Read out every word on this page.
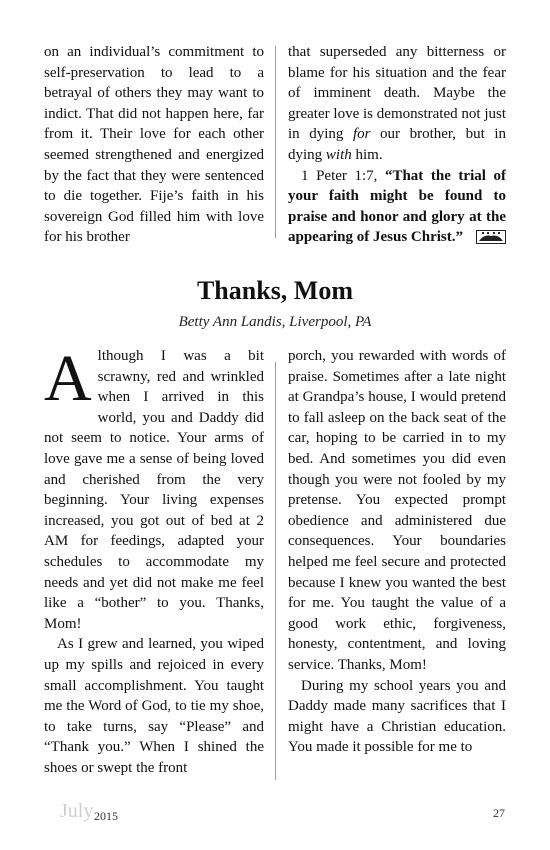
on an individual’s commitment to self-preservation to lead to a betrayal of others they may want to indict. That did not happen here, far from it. Their love for each other seemed strengthened and energized by the fact that they were sentenced to die together. Fije’s faith in his sovereign God filled him with love for his brother

that superseded any bitterness or blame for his situation and the fear of imminent death. Maybe the greater love is demonstrated not just in dying for our brother, but in dying with him.

1 Peter 1:7, “That the trial of your faith might be found to praise and honor and glory at the appearing of Jesus Christ.”

Thanks, Mom
Betty Ann Landis, Liverpool, PA

Although I was a bit scrawny, red and wrinkled when I arrived in this world, you and Daddy did not seem to notice. Your arms of love gave me a sense of being loved and cherished from the very beginning. Your living expenses increased, you got out of bed at 2 AM for feedings, adapted your schedules to accommodate my needs and yet did not make me feel like a “bother” to you. Thanks, Mom!

As I grew and learned, you wiped up my spills and rejoiced in every small accomplishment. You taught me the Word of God, to tie my shoe, to take turns, say “Please” and “Thank you.” When I shined the shoes or swept the front

porch, you rewarded with words of praise. Sometimes after a late night at Grandpa’s house, I would pretend to fall asleep on the back seat of the car, hoping to be carried in to my bed. And sometimes you did even though you were not fooled by my pretense. You expected prompt obedience and administered due consequences. Your boundaries helped me feel secure and protected because I knew you wanted the best for me. You taught the value of a good work ethic, forgiveness, honesty, contentment, and loving service. Thanks, Mom!

During my school years you and Daddy made many sacrifices that I might have a Christian education. You made it possible for me to

July 2015	27
